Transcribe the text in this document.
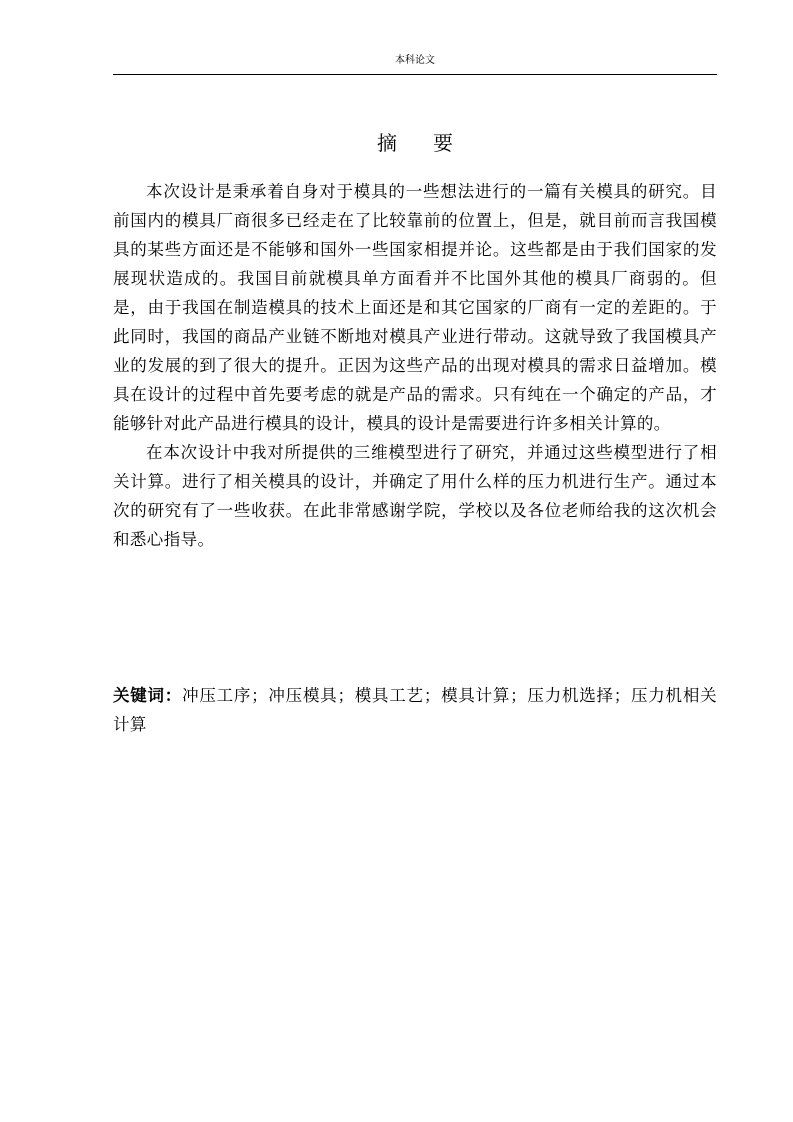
本科论文
摘要

本次设计是秉承着自身对于模具的一些想法进行的一篇有关模具的研究。目前国内的模具厂商很多已经走在了比较靠前的位置上，但是，就目前而言我国模具的某些方面还是不能够和国外一些国家相提并论。这些都是由于我们国家的发展现状造成的。我国目前就模具单方面看并不比国外其他的模具厂商弱的。但是，由于我国在制造模具的技术上面还是和其它国家的厂商有一定的差距的。于此同时，我国的商品产业链不断地对模具产业进行带动。这就导致了我国模具产业的发展的到了很大的提升。正因为这些产品的出现对模具的需求日益增加。模具在设计的过程中首先要考虑的就是产品的需求。只有纯在一个确定的产品，才能够针对此产品进行模具的设计，模具的设计是需要进行许多相关计算的。

在本次设计中我对所提供的三维模型进行了研究，并通过这些模型进行了相关计算。进行了相关模具的设计，并确定了用什么样的压力机进行生产。通过本次的研究有了一些收获。在此非常感谢学院，学校以及各位老师给我的这次机会和悉心指导。

关键词：冲压工序；冲压模具；模具工艺；模具计算；压力机选择；压力机相关计算
